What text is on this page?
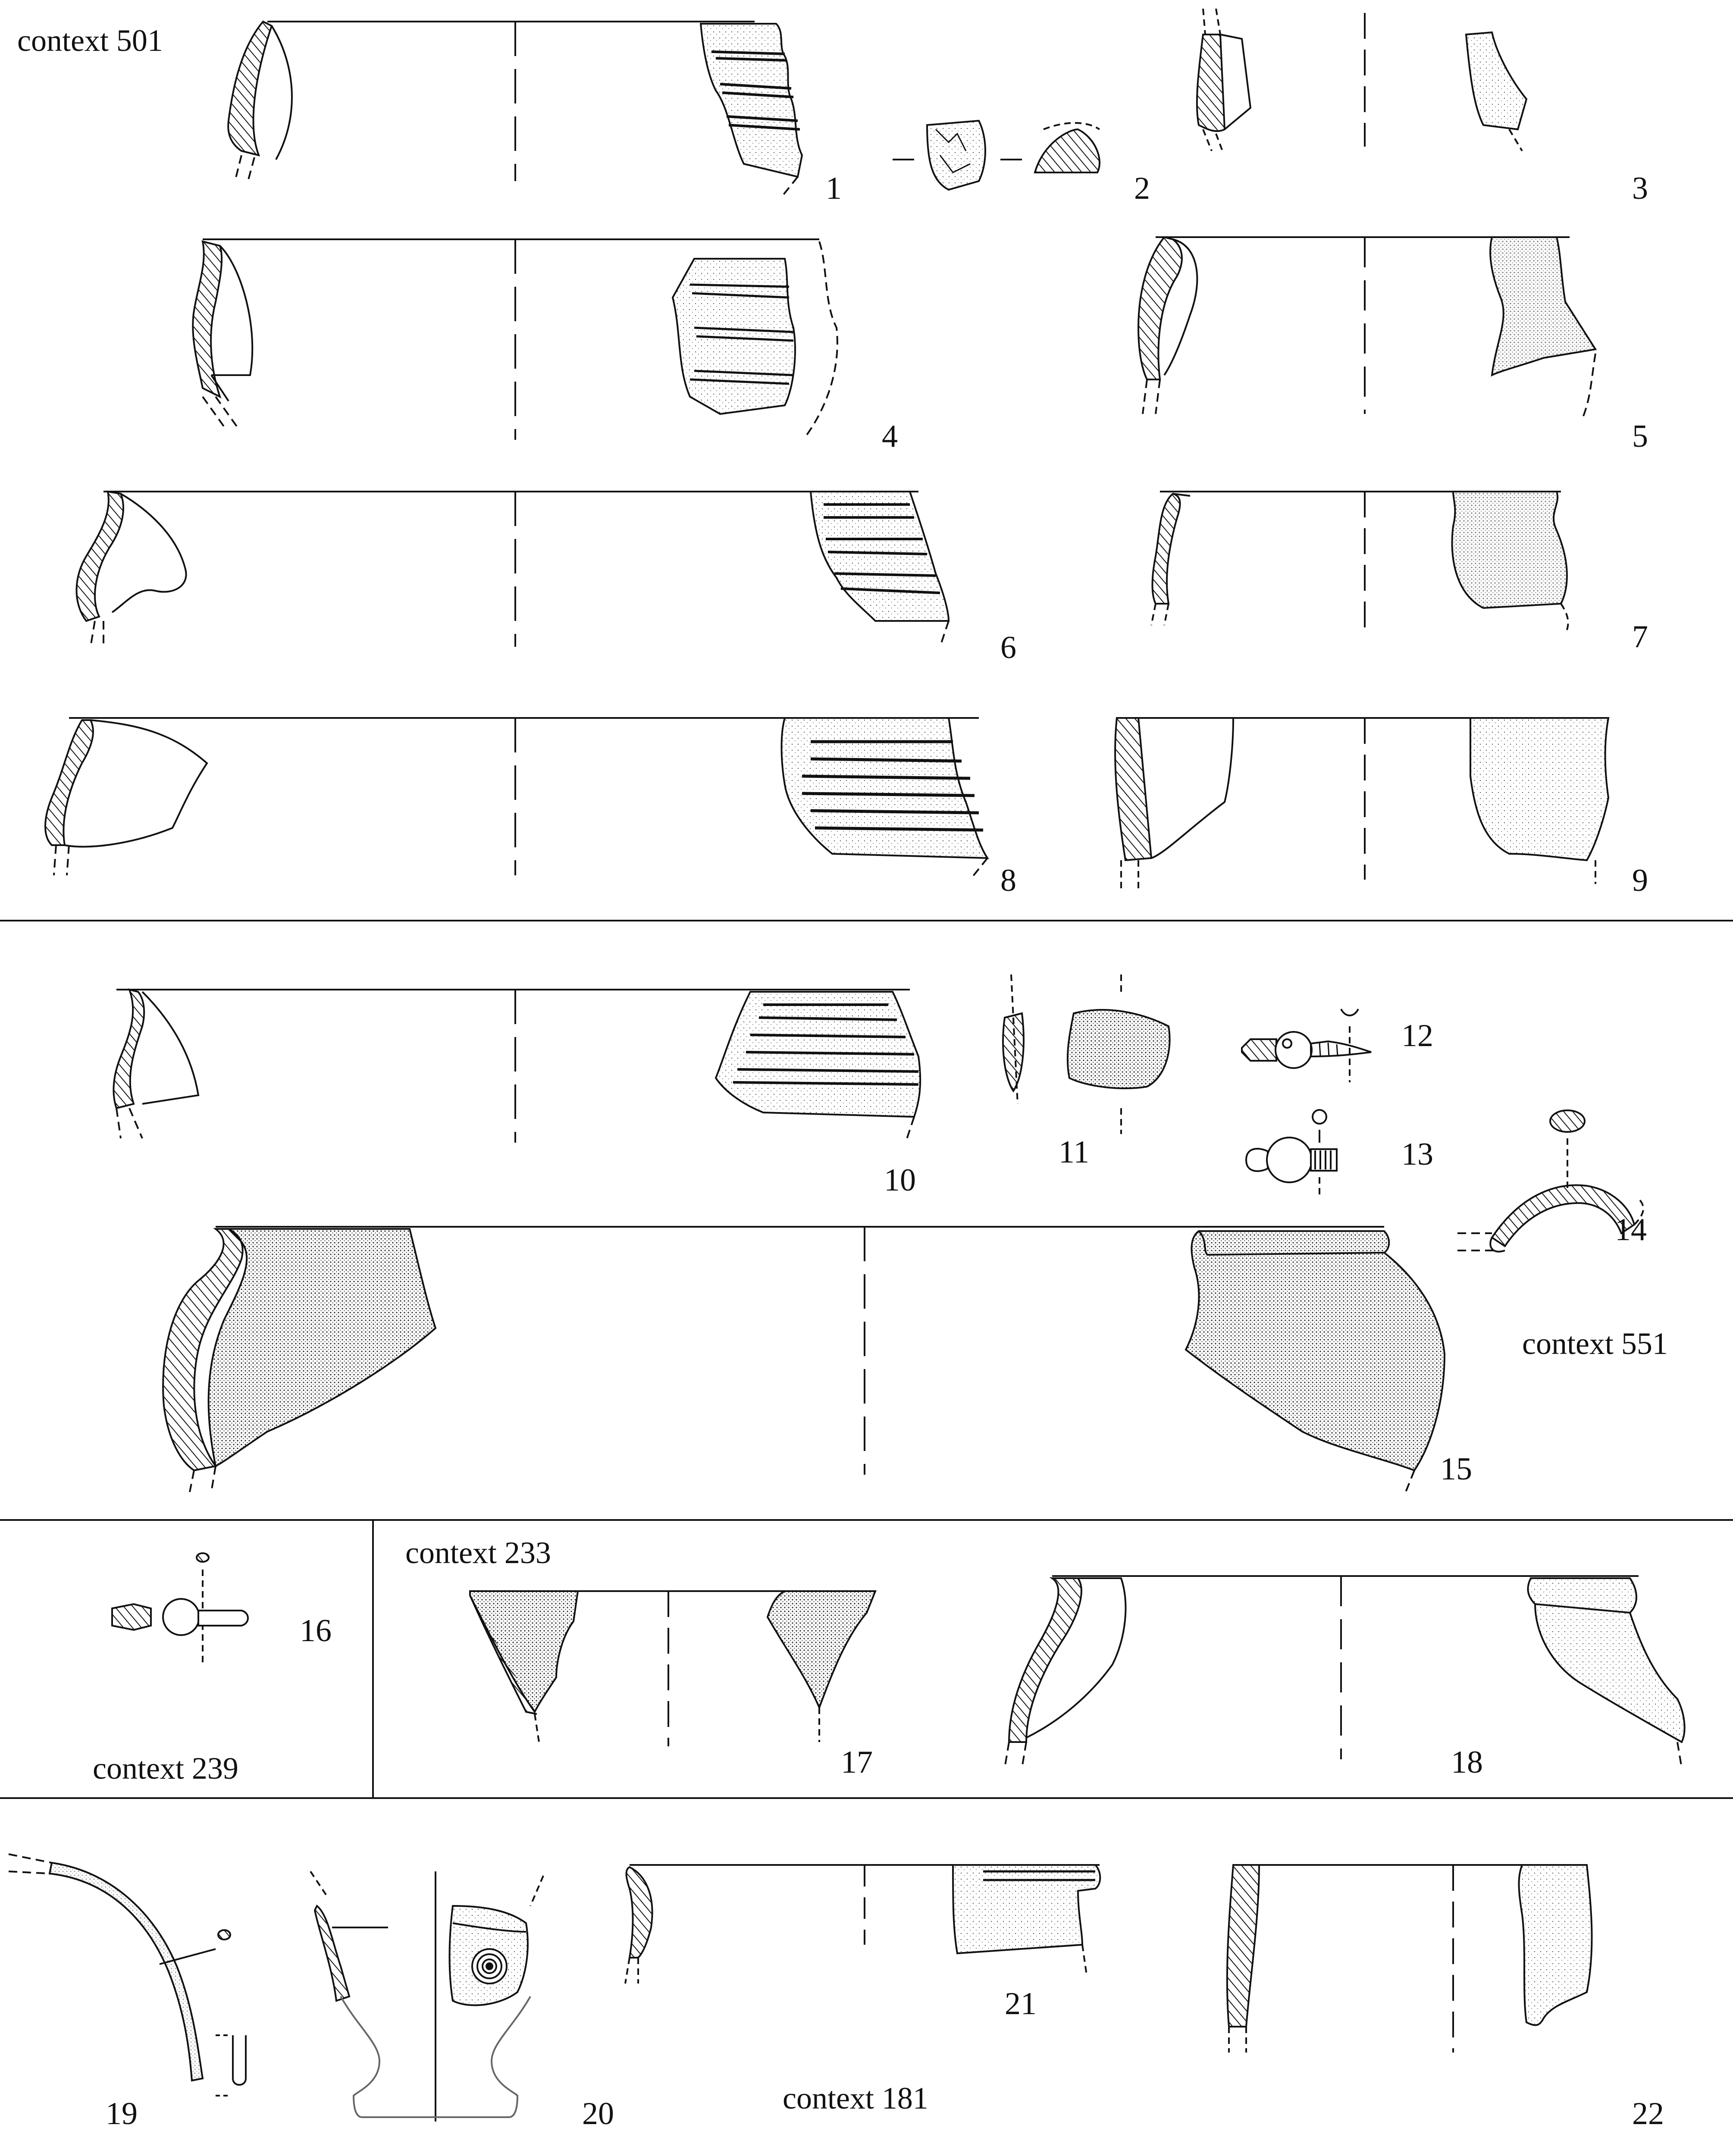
context 501
context 551
context 233
context 239
context 181
1	2	3
4	5
6	7
8	9
10
11
12
13
14
15
16
17	18
19	20
21
22
